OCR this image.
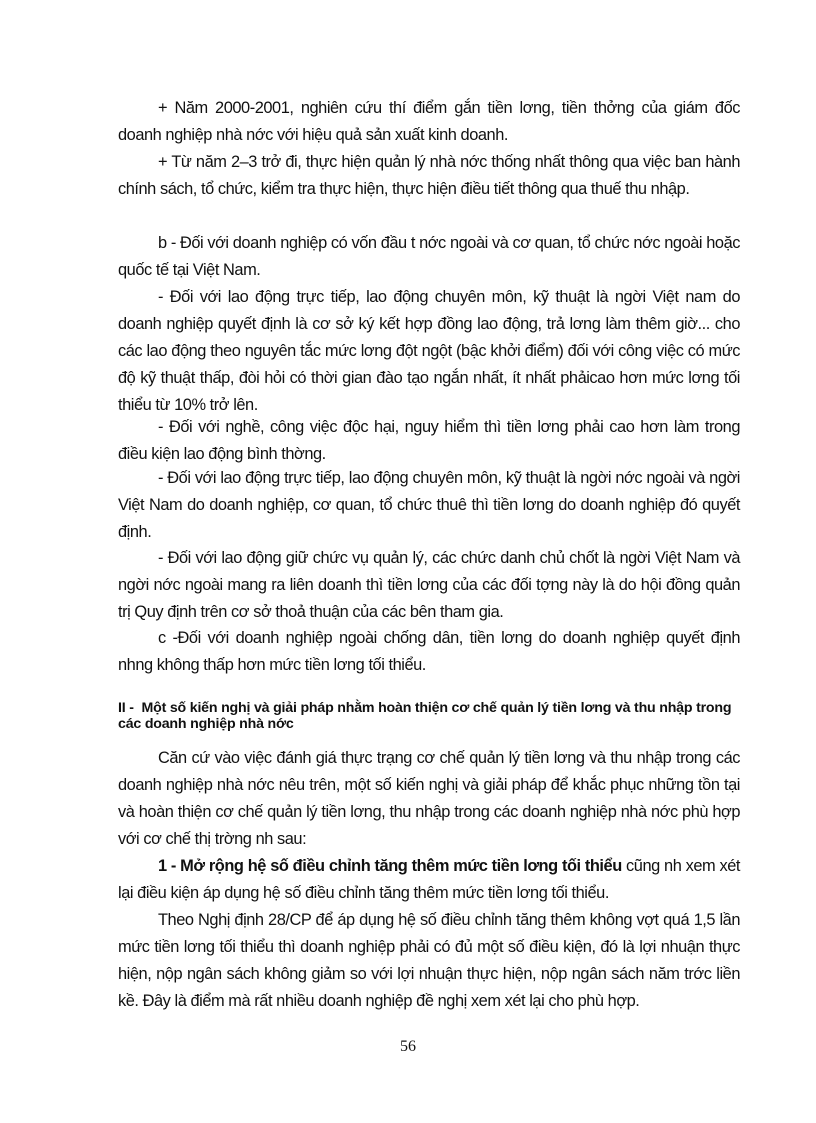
+ Năm 2000-2001, nghiên cứu thí điểm gắn tiền lơng, tiền thởng của giám đốc doanh nghiệp nhà nớc với hiệu quả sản xuất kinh doanh.

+ Từ năm 2–3 trở đi, thực hiện quản lý nhà nớc thống nhất thông qua việc ban hành chính sách, tổ chức, kiểm tra thực hiện, thực hiện điều tiết thông qua thuế thu nhập.

b - Đối với doanh nghiệp có vốn đầu t nớc ngoài và cơ quan, tổ chức nớc ngoài hoặc quốc tế tại Việt Nam.

- Đối với lao động trực tiếp, lao động chuyên môn, kỹ thuật là ngời Việt nam do doanh nghiệp quyết định là cơ sở ký kết hợp đồng lao động, trả lơng làm thêm giờ... cho các lao động theo nguyên tắc mức lơng đột ngột (bậc khởi điểm) đối với công việc có mức độ kỹ thuật thấp, đòi hỏi có thời gian đào tạo ngắn nhất, ít nhất phảicao hơn mức lơng tối thiểu từ 10% trở lên.

- Đối với nghề, công việc độc hại, nguy hiểm thì tiền lơng phải cao hơn làm trong điều kiện lao động bình thờng.

- Đối với lao động trực tiếp, lao động chuyên môn, kỹ thuật là ngời nớc ngoài và ngời Việt Nam do doanh nghiệp, cơ quan, tổ chức thuê thì tiền lơng do doanh nghiệp đó quyết định.

- Đối với lao động giữ chức vụ quản lý, các chức danh chủ chốt là ngời Việt Nam và ngời nớc ngoài mang ra liên doanh thì tiền lơng của các đối tợng này là do hội đồng quản trị Quy định trên cơ sở thoả thuận của các bên tham gia.

c -Đối với doanh nghiệp ngoài chống dân, tiền lơng do doanh nghiệp quyết định nhng không thấp hơn mức tiền lơng tối thiểu.

II - Một số kiến nghị và giải pháp nhằm hoàn thiện cơ chế quản lý tiền lơng và thu nhập trong các doanh nghiệp nhà nớc

Căn cứ vào việc đánh giá thực trạng cơ chế quản lý tiền lơng và thu nhập trong các doanh nghiệp nhà nớc nêu trên, một số kiến nghị và giải pháp để khắc phục những tồn tại và hoàn thiện cơ chế quản lý tiền lơng, thu nhập trong các doanh nghiệp nhà nớc phù hợp với cơ chế thị trờng nh sau:

1 - Mở rộng hệ số điều chỉnh tăng thêm mức tiền lơng tối thiểu cũng nh xem xét lại điều kiện áp dụng hệ số điều chỉnh tăng thêm mức tiền lơng tối thiểu.

Theo Nghị định 28/CP để áp dụng hệ số điều chỉnh tăng thêm không vợt quá 1,5 lần mức tiền lơng tối thiểu thì doanh nghiệp phải có đủ một số điều kiện, đó là lợi nhuận thực hiện, nộp ngân sách không giảm so với lợi nhuận thực hiện, nộp ngân sách năm trớc liền kề. Đây là điểm mà rất nhiều doanh nghiệp đề nghị xem xét lại cho phù hợp.

56
